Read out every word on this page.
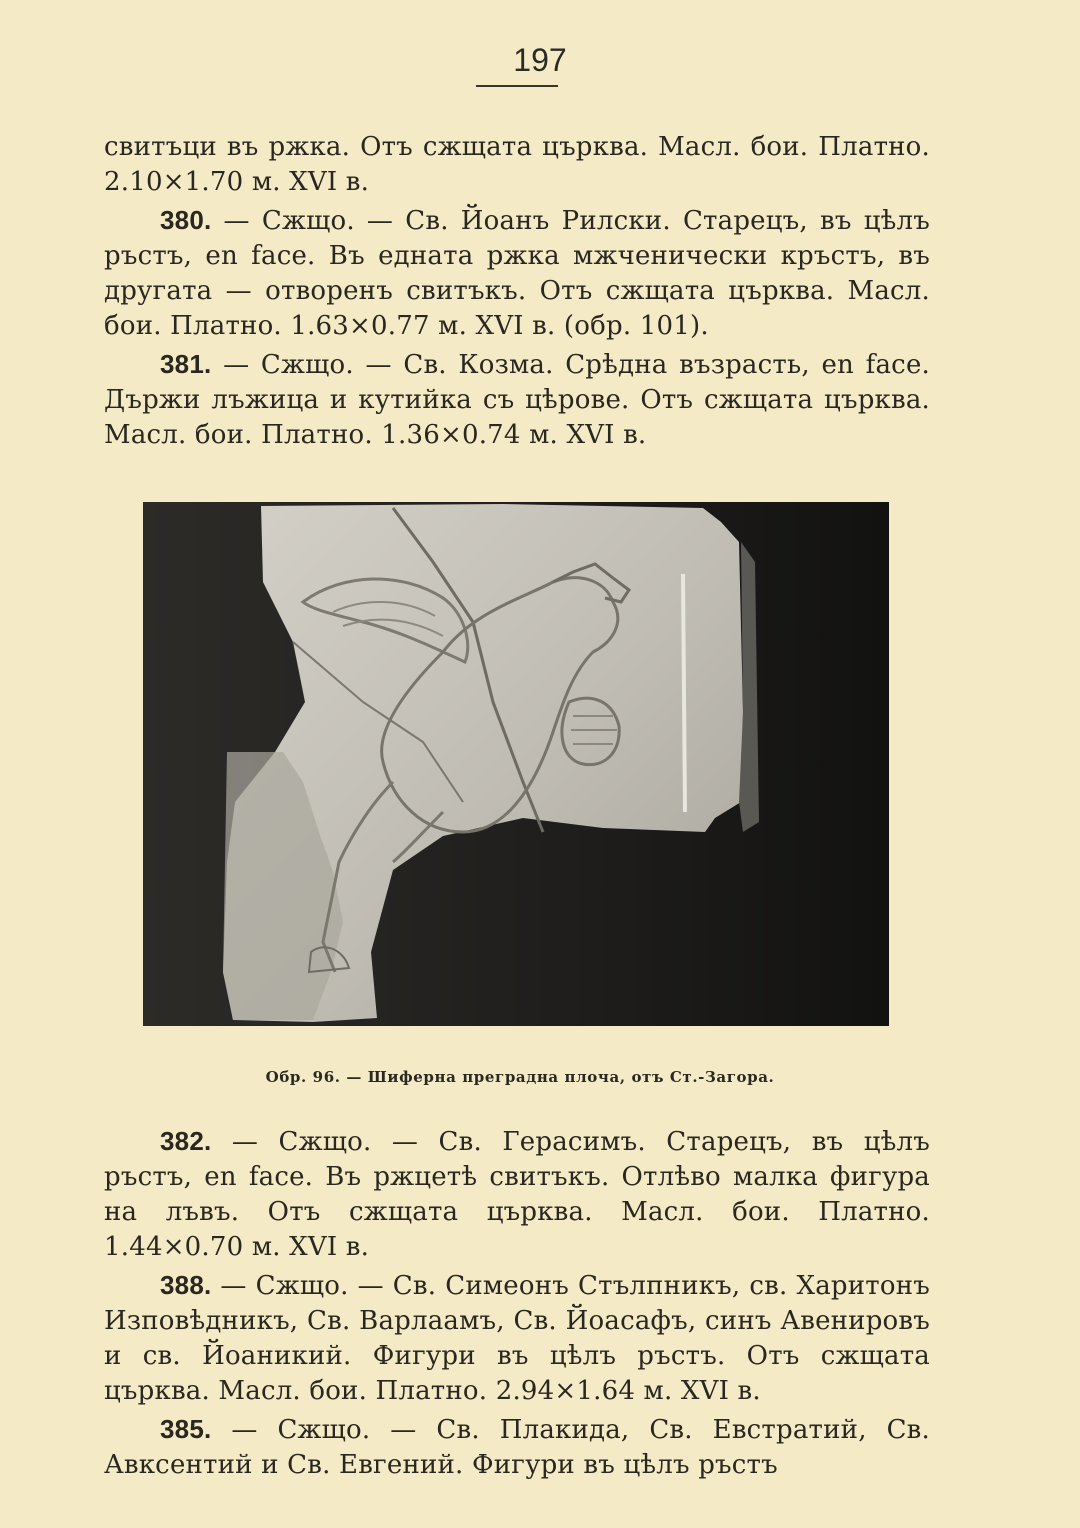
197

свитъци въ ржка. Отъ сжщата църква. Масл. бои. Платно. 2.10×1.70 м. XVI в.

380. — Сжщо. — Св. Йоанъ Рилски. Старецъ, въ цѣлъ ръстъ, en face. Въ едната ржка мжченически кръстъ, въ другата — отворенъ свитъкъ. Отъ сжщата църква. Масл. бои. Платно. 1.63×0.77 м. XVI в. (обр. 101).

381. — Сжщо. — Св. Козма. Срѣдна възрасть, en face. Държи лъжица и кутийка съ цѣрове. Отъ сжщата църква. Масл. бои. Платно. 1.36×0.74 м. XVI в.

Обр. 96. — Шиферна преградна плоча, отъ Ст.-Загора.

382. — Сжщо. — Св. Герасимъ. Старецъ, въ цѣлъ ръстъ, en face. Въ ржцетѣ свитъкъ. Отлѣво малка фигура на лъвъ. Отъ сжщата църква. Масл. бои. Платно. 1.44×0.70 м. XVI в.

388. — Сжщо. — Св. Симеонъ Стълпникъ, св. Харитонъ Изповѣдникъ, Св. Варлаамъ, Св. Йоасафъ, синъ Авенировъ и св. Йоаникий. Фигури въ цѣлъ ръстъ. Отъ сжщата църква. Масл. бои. Платно. 2.94×1.64 м. XVI в.

385. — Сжщо. — Св. Плакида, Св. Евстратий, Св. Авксентий и Св. Евгений. Фигури въ цѣлъ ръстъ
